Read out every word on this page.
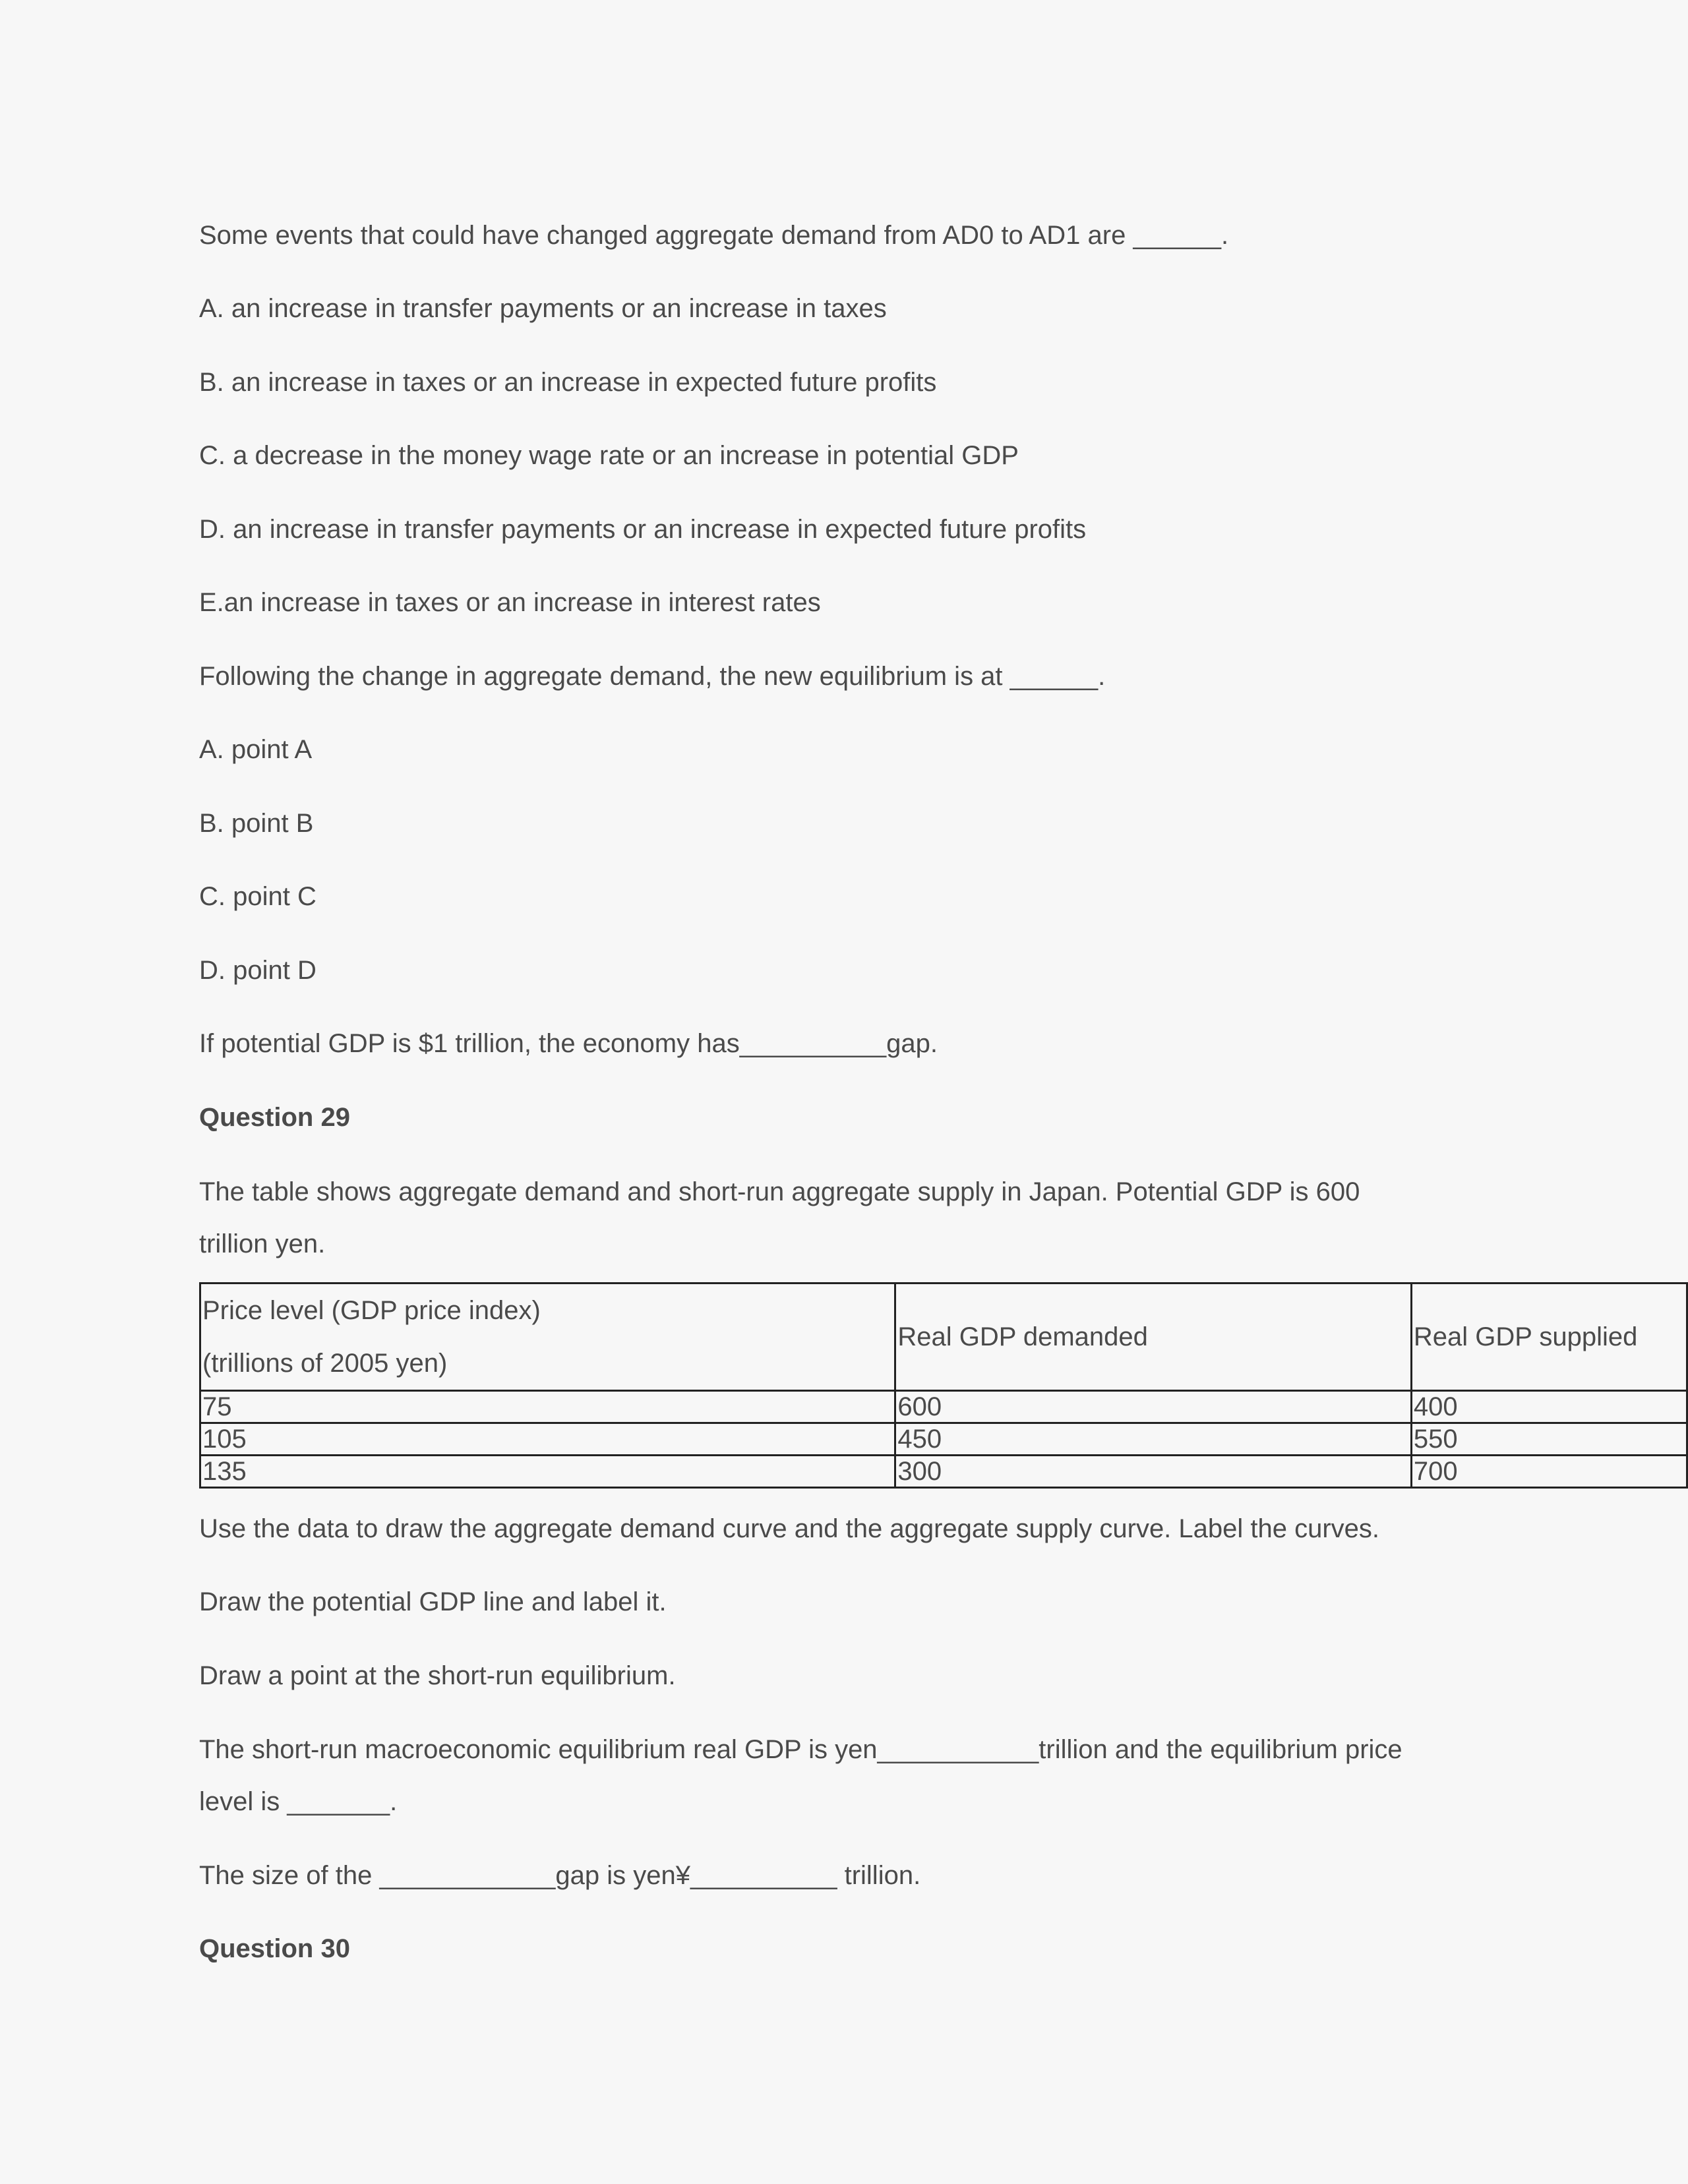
Some events that could have changed aggregate demand from AD0 to AD1 are ______.
A. an increase in transfer payments or an increase in taxes
B. an increase in taxes or an increase in expected future profits
C. a decrease in the money wage rate or an increase in potential GDP
D. an increase in transfer payments or an increase in expected future profits
E.an increase in taxes or an increase in interest rates
Following the change in aggregate demand, the new equilibrium is at ______.
A. point A
B. point B
C. point C
D. point D
If potential GDP is $1 trillion, the economy has__________gap.
Question 29
The table shows aggregate demand and short-run aggregate supply in Japan. Potential GDP is 600
trillion yen.
Price level (GDP price index)
(trillions of 2005 yen)	Real GDP demanded	Real GDP supplied
75	600	400
105	450	550
135	300	700
Use the data to draw the aggregate demand curve and the aggregate supply curve. Label the curves.
Draw the potential GDP line and label it.
Draw a point at the short-run equilibrium.
The short-run macroeconomic equilibrium real GDP is yen___________trillion and the equilibrium price
level is _______.
The size of the ____________gap is yen¥__________ trillion.
Question 30
